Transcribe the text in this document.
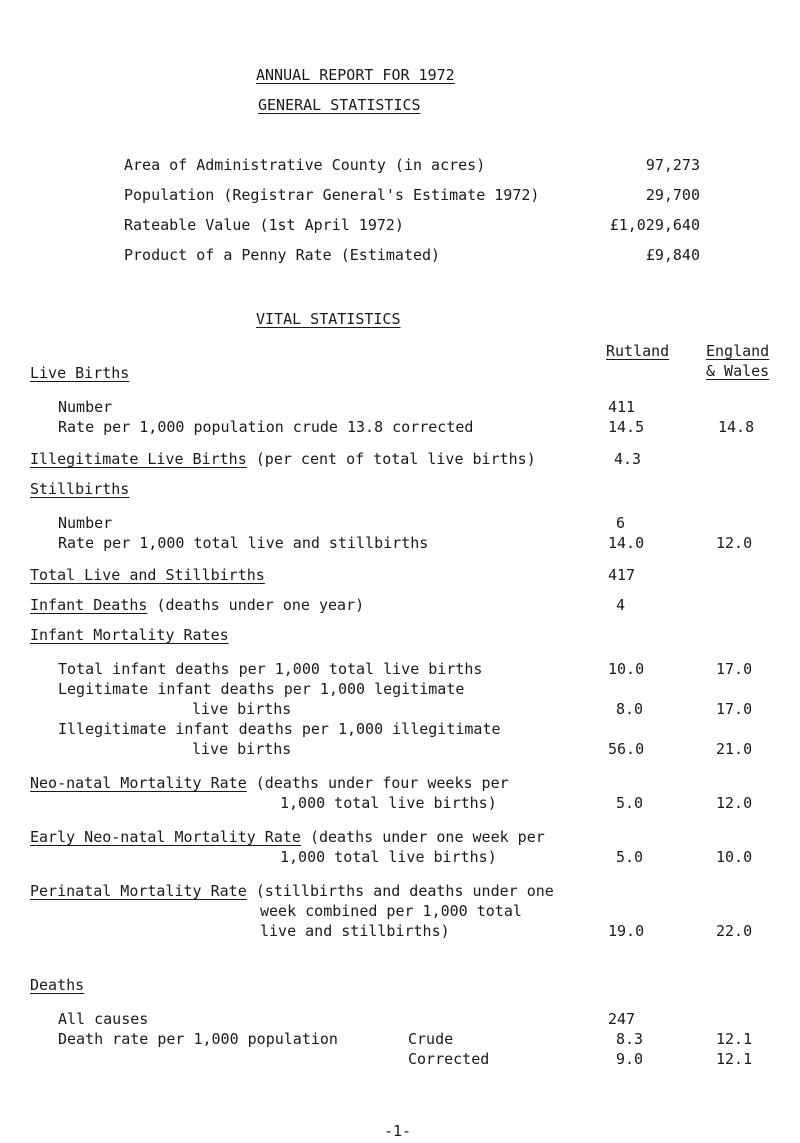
ANNUAL REPORT FOR 1972
GENERAL STATISTICS
Area of Administrative County (in acres)	97,273
Population (Registrar General's Estimate 1972)	29,700
Rateable Value (1st April 1972)	£1,029,640
Product of a Penny Rate (Estimated)	£9,840
VITAL STATISTICS
Rutland England
& Wales
Live Births
Number	411
Rate per 1,000 population crude 13.8 corrected	14.5	14.8
Illegitimate Live Births (per cent of total live births)	4.3
Stillbirths
Number	6
Rate per 1,000 total live and stillbirths	14.0	12.0
Total Live and Stillbirths	417
Infant Deaths (deaths under one year)	4
Infant Mortality Rates
Total infant deaths per 1,000 total live births	10.0	17.0
Legitimate infant deaths per 1,000 legitimate
live births	8.0	17.0
Illegitimate infant deaths per 1,000 illegitimate
live births	56.0	21.0
Neo-natal Mortality Rate (deaths under four weeks per
1,000 total live births)	5.0	12.0
Early Neo-natal Mortality Rate (deaths under one week per
1,000 total live births)	5.0	10.0
Perinatal Mortality Rate (stillbirths and deaths under one
week combined per 1,000 total
live and stillbirths)	19.0	22.0
Deaths
All causes	247
Death rate per 1,000 population	Crude	8.3	12.1
Corrected	9.0	12.1
-1-
